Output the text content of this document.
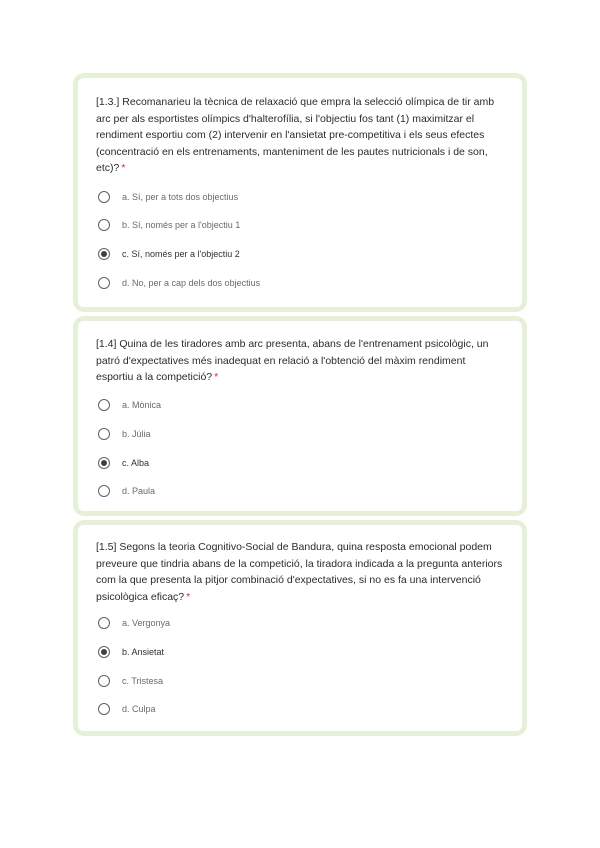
[1.3.] Recomanarieu la tècnica de relaxació que empra la selecció olímpica de tir amb arc per als esportistes olímpics d'halterofília, si l'objectiu fos tant (1) maximitzar el rendiment esportiu com (2) intervenir en l'ansietat pre-competitiva i els seus efectes (concentració en els entrenaments, manteniment de les pautes nutricionals i de son, etc)? *
a. Sí, per a tots dos objectius
b. Sí, només per a l'objectiu 1
c. Sí, només per a l'objectiu 2
d. No, per a cap dels dos objectius
[1.4] Quina de les tiradores amb arc presenta, abans de l'entrenament psicològic, un patró d'expectatives més inadequat en relació a l'obtenció del màxim rendiment esportiu a la competició? *
a. Mònica
b. Júlia
c. Alba
d. Paula
[1.5] Segons la teoria Cognitivo-Social de Bandura, quina resposta emocional podem preveure que tindria abans de la competició, la tiradora indicada a la pregunta anteriors com la que presenta la pitjor combinació d'expectatives, si no es fa una intervenció psicològica eficaç? *
a. Vergonya
b. Ansietat
c. Tristesa
d. Culpa
